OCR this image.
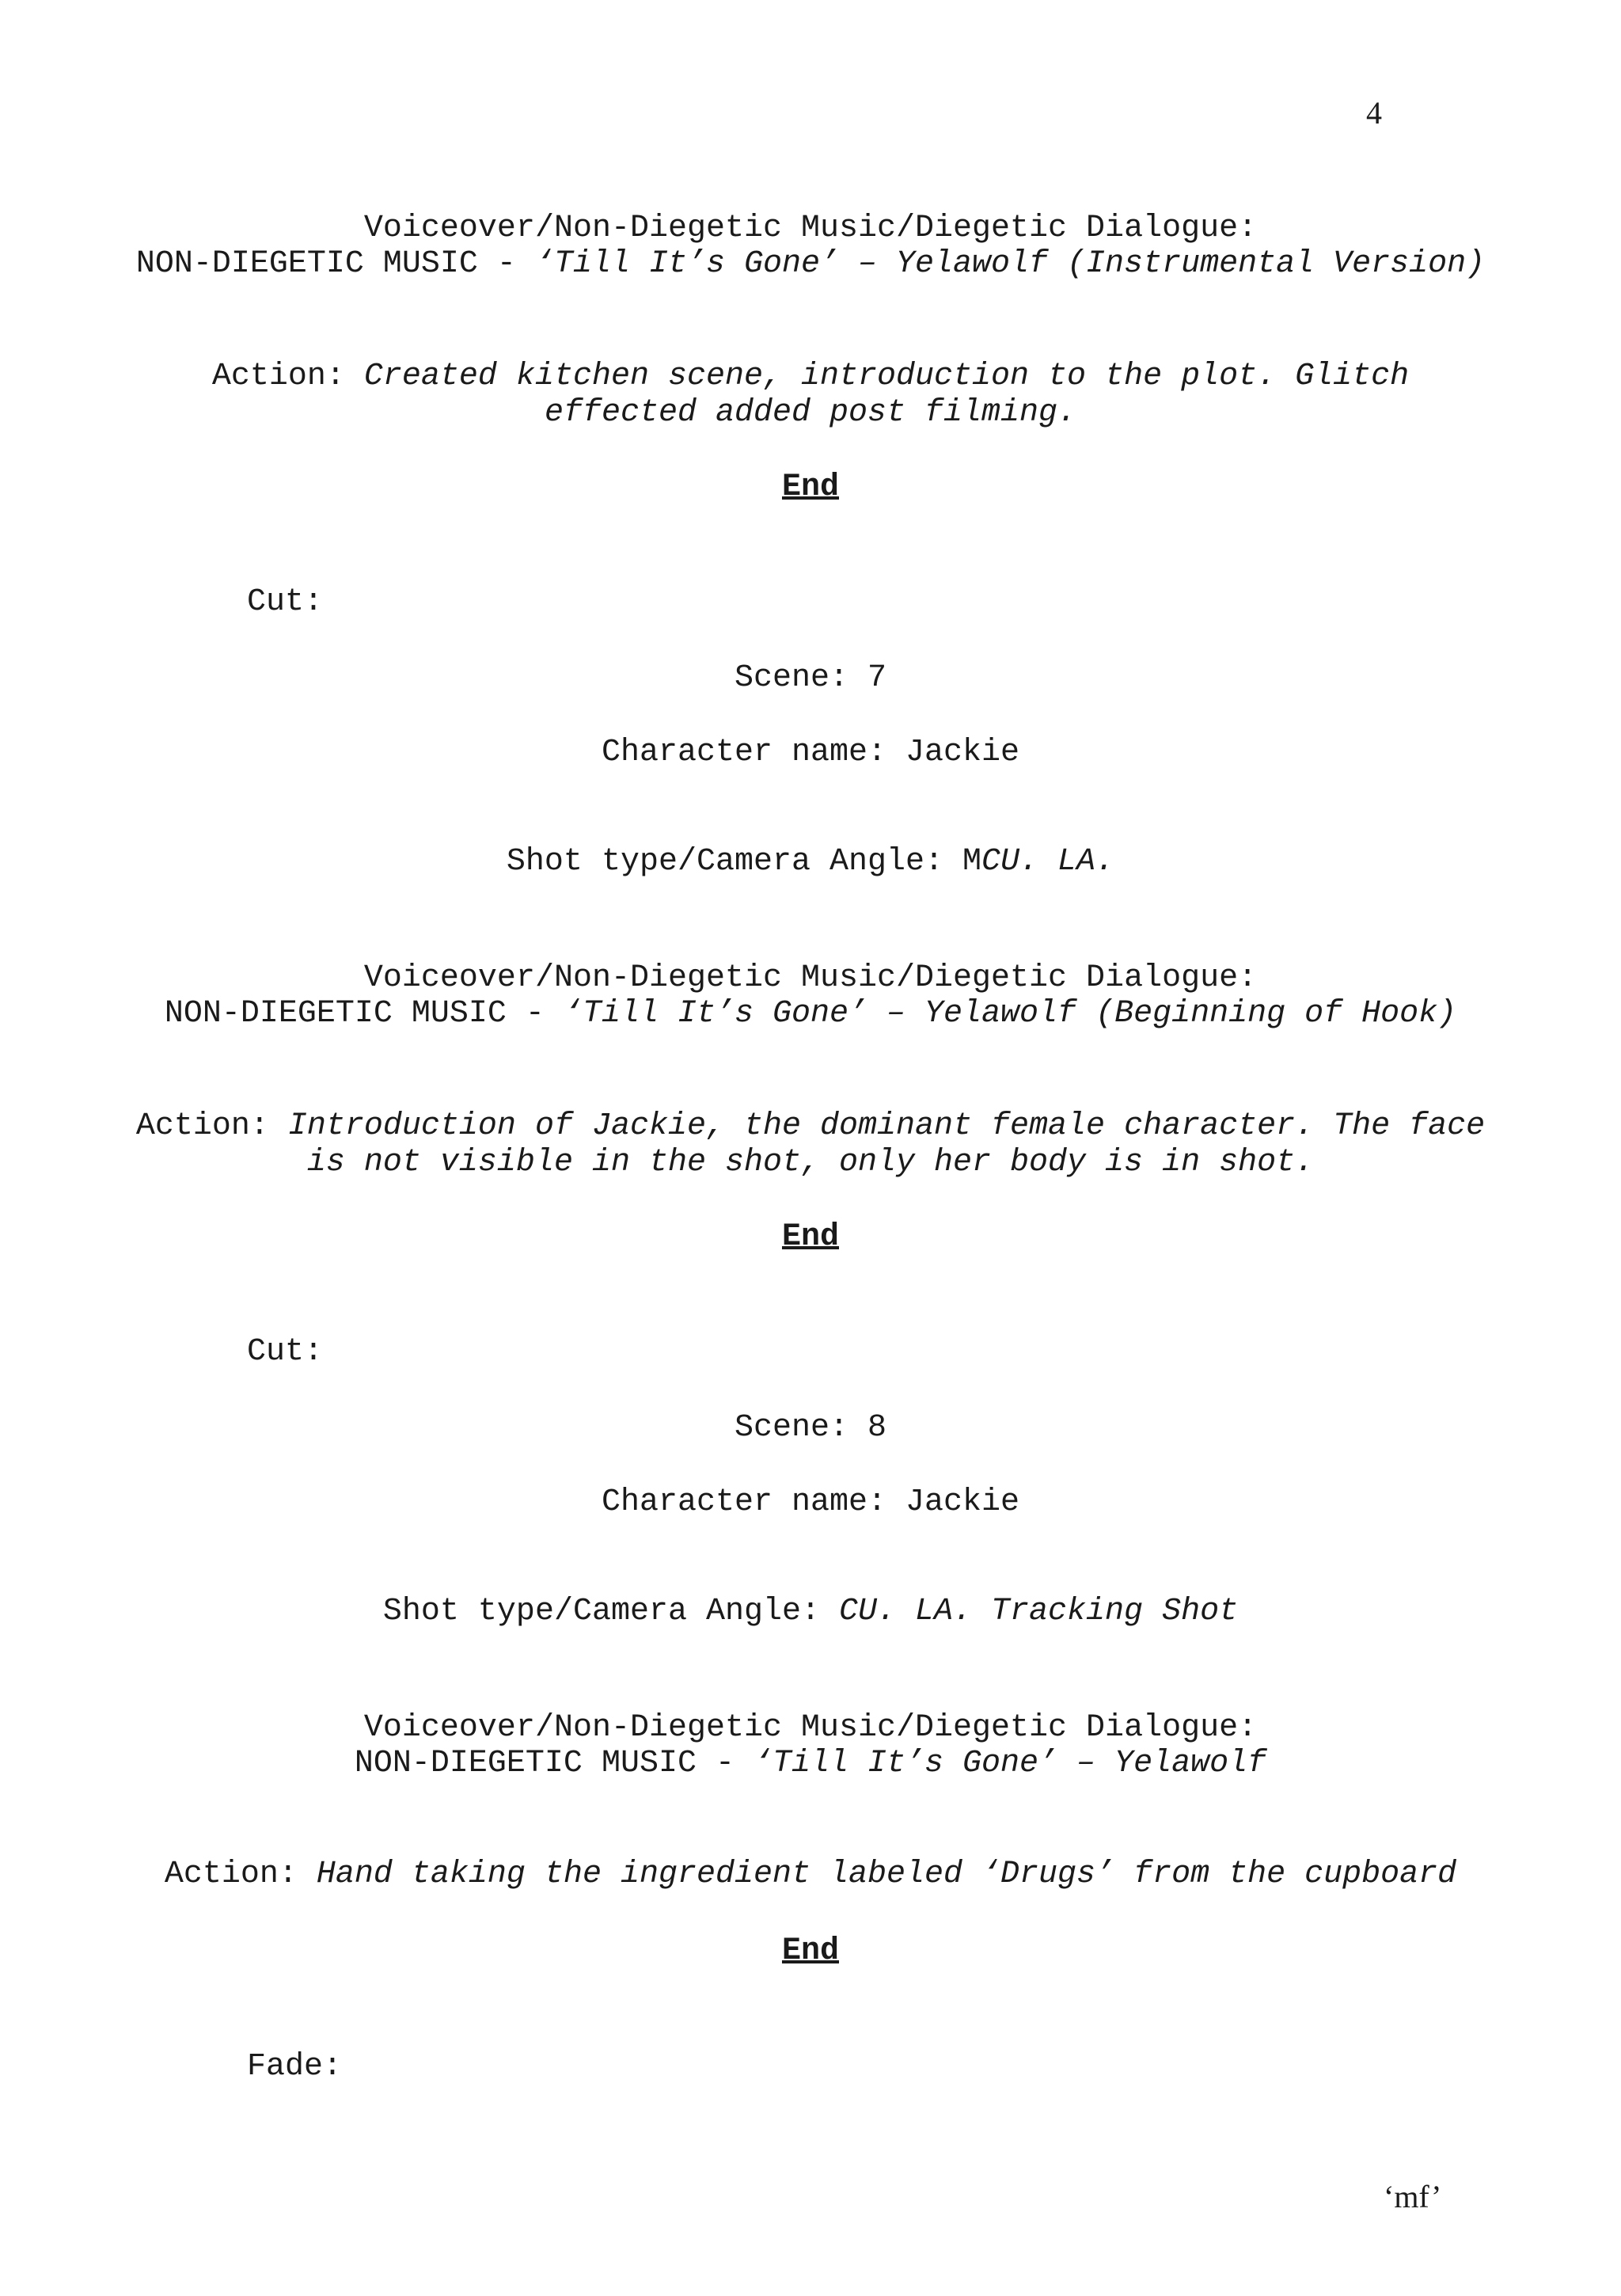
4
Voiceover/Non-Diegetic Music/Diegetic Dialogue:
NON-DIEGETIC MUSIC - ‘Till It’s Gone’ – Yelawolf (Instrumental Version)
Action: Created kitchen scene, introduction to the plot. Glitch
effected added post filming.
End
Cut:
Scene: 7
Character name: Jackie
Shot type/Camera Angle: MCU. LA.
Voiceover/Non-Diegetic Music/Diegetic Dialogue:
NON-DIEGETIC MUSIC - ‘Till It’s Gone’ – Yelawolf (Beginning of Hook)
Action: Introduction of Jackie, the dominant female character. The face
is not visible in the shot, only her body is in shot.
End
Cut:
Scene: 8
Character name: Jackie
Shot type/Camera Angle: CU. LA. Tracking Shot
Voiceover/Non-Diegetic Music/Diegetic Dialogue:
NON-DIEGETIC MUSIC - ‘Till It’s Gone’ – Yelawolf
Action: Hand taking the ingredient labeled ‘Drugs’ from the cupboard
End
Fade:
‘mf’
